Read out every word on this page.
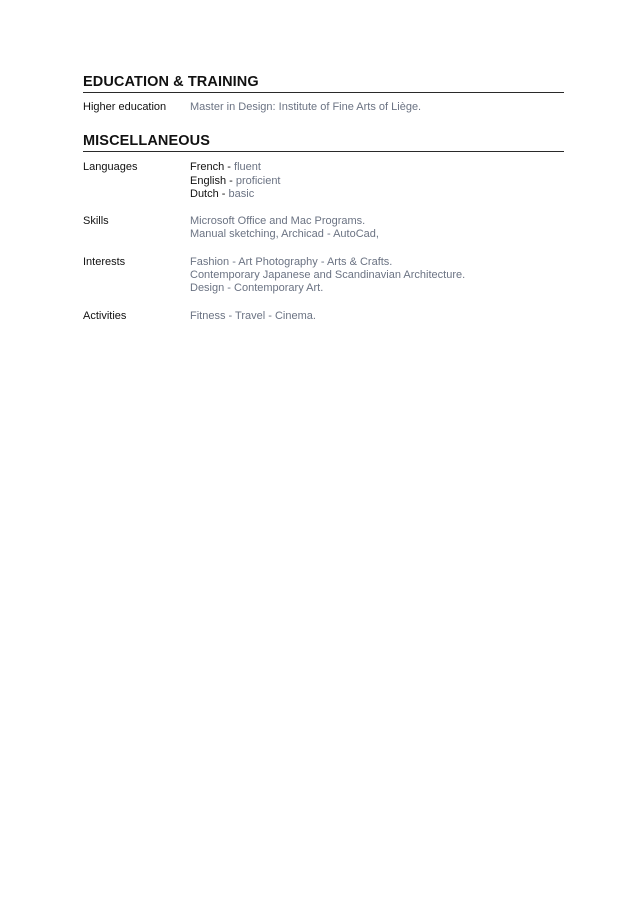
EDUCATION & TRAINING
Higher education	Master in Design: Institute of Fine Arts of Liège.
MISCELLANEOUS
Languages	French - fluent
English - proficient
Dutch - basic
Skills	Microsoft Office and Mac Programs.
Manual sketching, Archicad - AutoCad,
Interests	Fashion - Art Photography - Arts & Crafts.
Contemporary Japanese and Scandinavian Architecture.
Design - Contemporary Art.
Activities	Fitness - Travel - Cinema.
